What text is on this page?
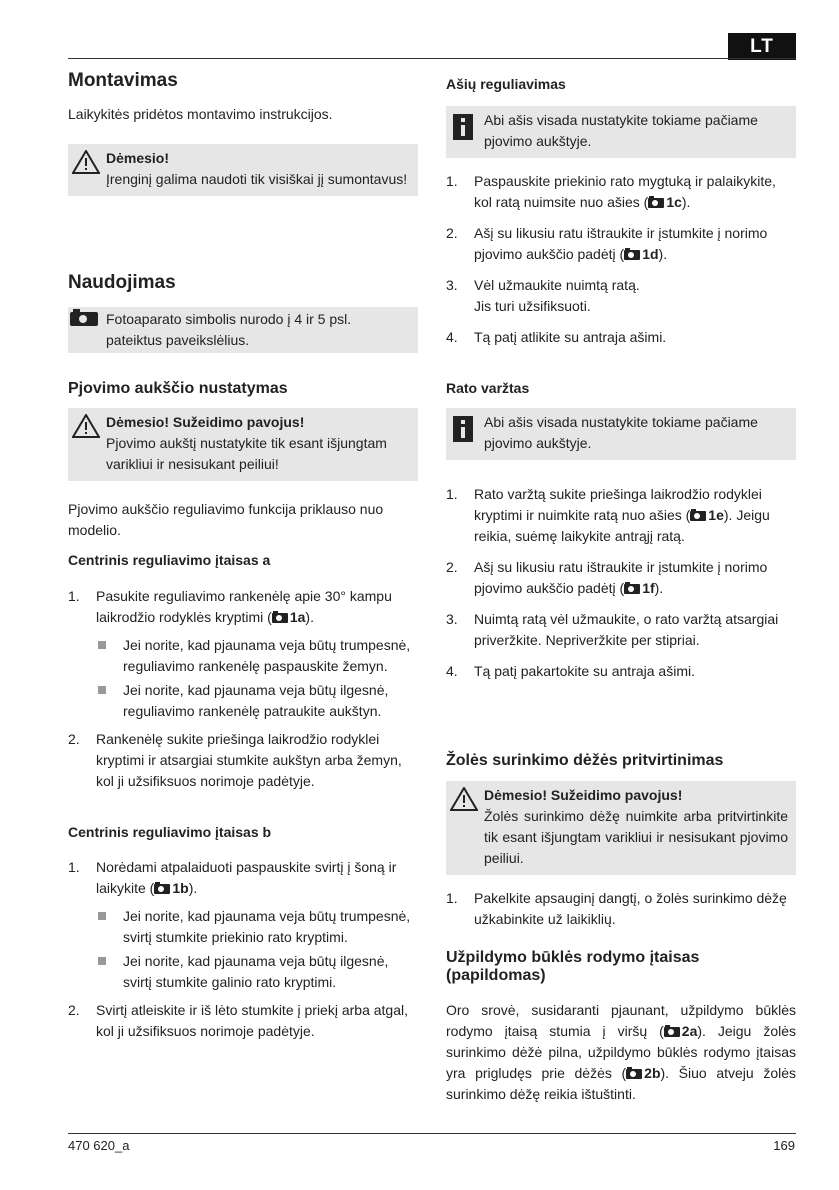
LT
Montavimas

Laikykitės pridėtos montavimo instrukcijos.

Dėmesio!
Įrenginį galima naudoti tik visiškai jį sumontavus!
Naudojimas
Fotoaparato simbolis nurodo į 4 ir 5 psl. pateiktus paveikslėlius.
Pjovimo aukščio nustatymas
Dėmesio! Sužeidimo pavojus!
Pjovimo aukštį nustatykite tik esant išjungtam varikliui ir nesisukant peiliui!

Pjovimo aukščio reguliavimo funkcija priklauso nuo modelio.

Centrinis reguliavimo įtaisas a
1. Pasukite reguliavimo rankenėlę apie 30° kampu laikrodžio rodyklės kryptimi ( 1a).
Jei norite, kad pjaunama veja būtų trumpesnė, reguliavimo rankenėlę paspauskite žemyn.
Jei norite, kad pjaunama veja būtų ilgesnė, reguliavimo rankenėlę patraukite aukštyn.
2. Rankenėlę sukite priešinga laikrodžio rodyklei kryptimi ir atsargiai stumkite aukštyn arba žemyn, kol ji užsifiksuos norimoje padėtyje.
Centrinis reguliavimo įtaisas b
1. Norėdami atpalaiduoti paspauskite svirtį į šoną ir laikykite ( 1b).
Jei norite, kad pjaunama veja būtų trumpesnė, svirtį stumkite priekinio rato kryptimi.
Jei norite, kad pjaunama veja būtų ilgesnė, svirtį stumkite galinio rato kryptimi.
2. Svirtį atleiskite ir iš lėto stumkite į priekį arba atgal, kol ji užsifiksuos norimoje padėtyje.
Ašių reguliavimas
Abi ašis visada nustatykite tokiame pačiame pjovimo aukštyje.
1. Paspauskite priekinio rato mygtuką ir palaikykite, kol ratą nuimsite nuo ašies ( 1c).
2. Ašį su likusiu ratu ištraukite ir įstumkite į norimo pjovimo aukščio padėtį ( 1d).
3. Vėl užmaukite nuimtą ratą.
Jis turi užsifiksuoti.
4. Tą patį atlikite su antraja ašimi.
Rato varžtas
Abi ašis visada nustatykite tokiame pačiame pjovimo aukštyje.
1. Rato varžtą sukite priešinga laikrodžio rodyklei kryptimi ir nuimkite ratą nuo ašies ( 1e). Jeigu reikia, suėmę laikykite antrąjį ratą.
2. Ašį su likusiu ratu ištraukite ir įstumkite į norimo pjovimo aukščio padėtį ( 1f).
3. Nuimtą ratą vėl užmaukite, o rato varžtą atsargiai priveržkite. Nepriveržkite per stipriai.
4. Tą patį pakartokite su antraja ašimi.
Žolės surinkimo dėžės pritvirtinimas
Dėmesio! Sužeidimo pavojus!
Žolės surinkimo dėžę nuimkite arba pritvirtinkite tik esant išjungtam varikliui ir nesisukant pjovimo peiliui.
1. Pakelkite apsauginį dangtį, o žolės surinkimo dėžę užkabinkite už laikiklių.
Užpildymo būklės rodymo įtaisas (papildomas)

Oro srovė, susidaranti pjaunant, užpildymo būklės rodymo įtaisą stumia į viršų ( 2a). Jeigu žolės surinkimo dėžė pilna, užpildymo būklės rodymo įtaisas yra prigludęs prie dėžės ( 2b). Šiuo atveju žolės surinkimo dėžę reikia ištuštinti.

470 620_a	169
